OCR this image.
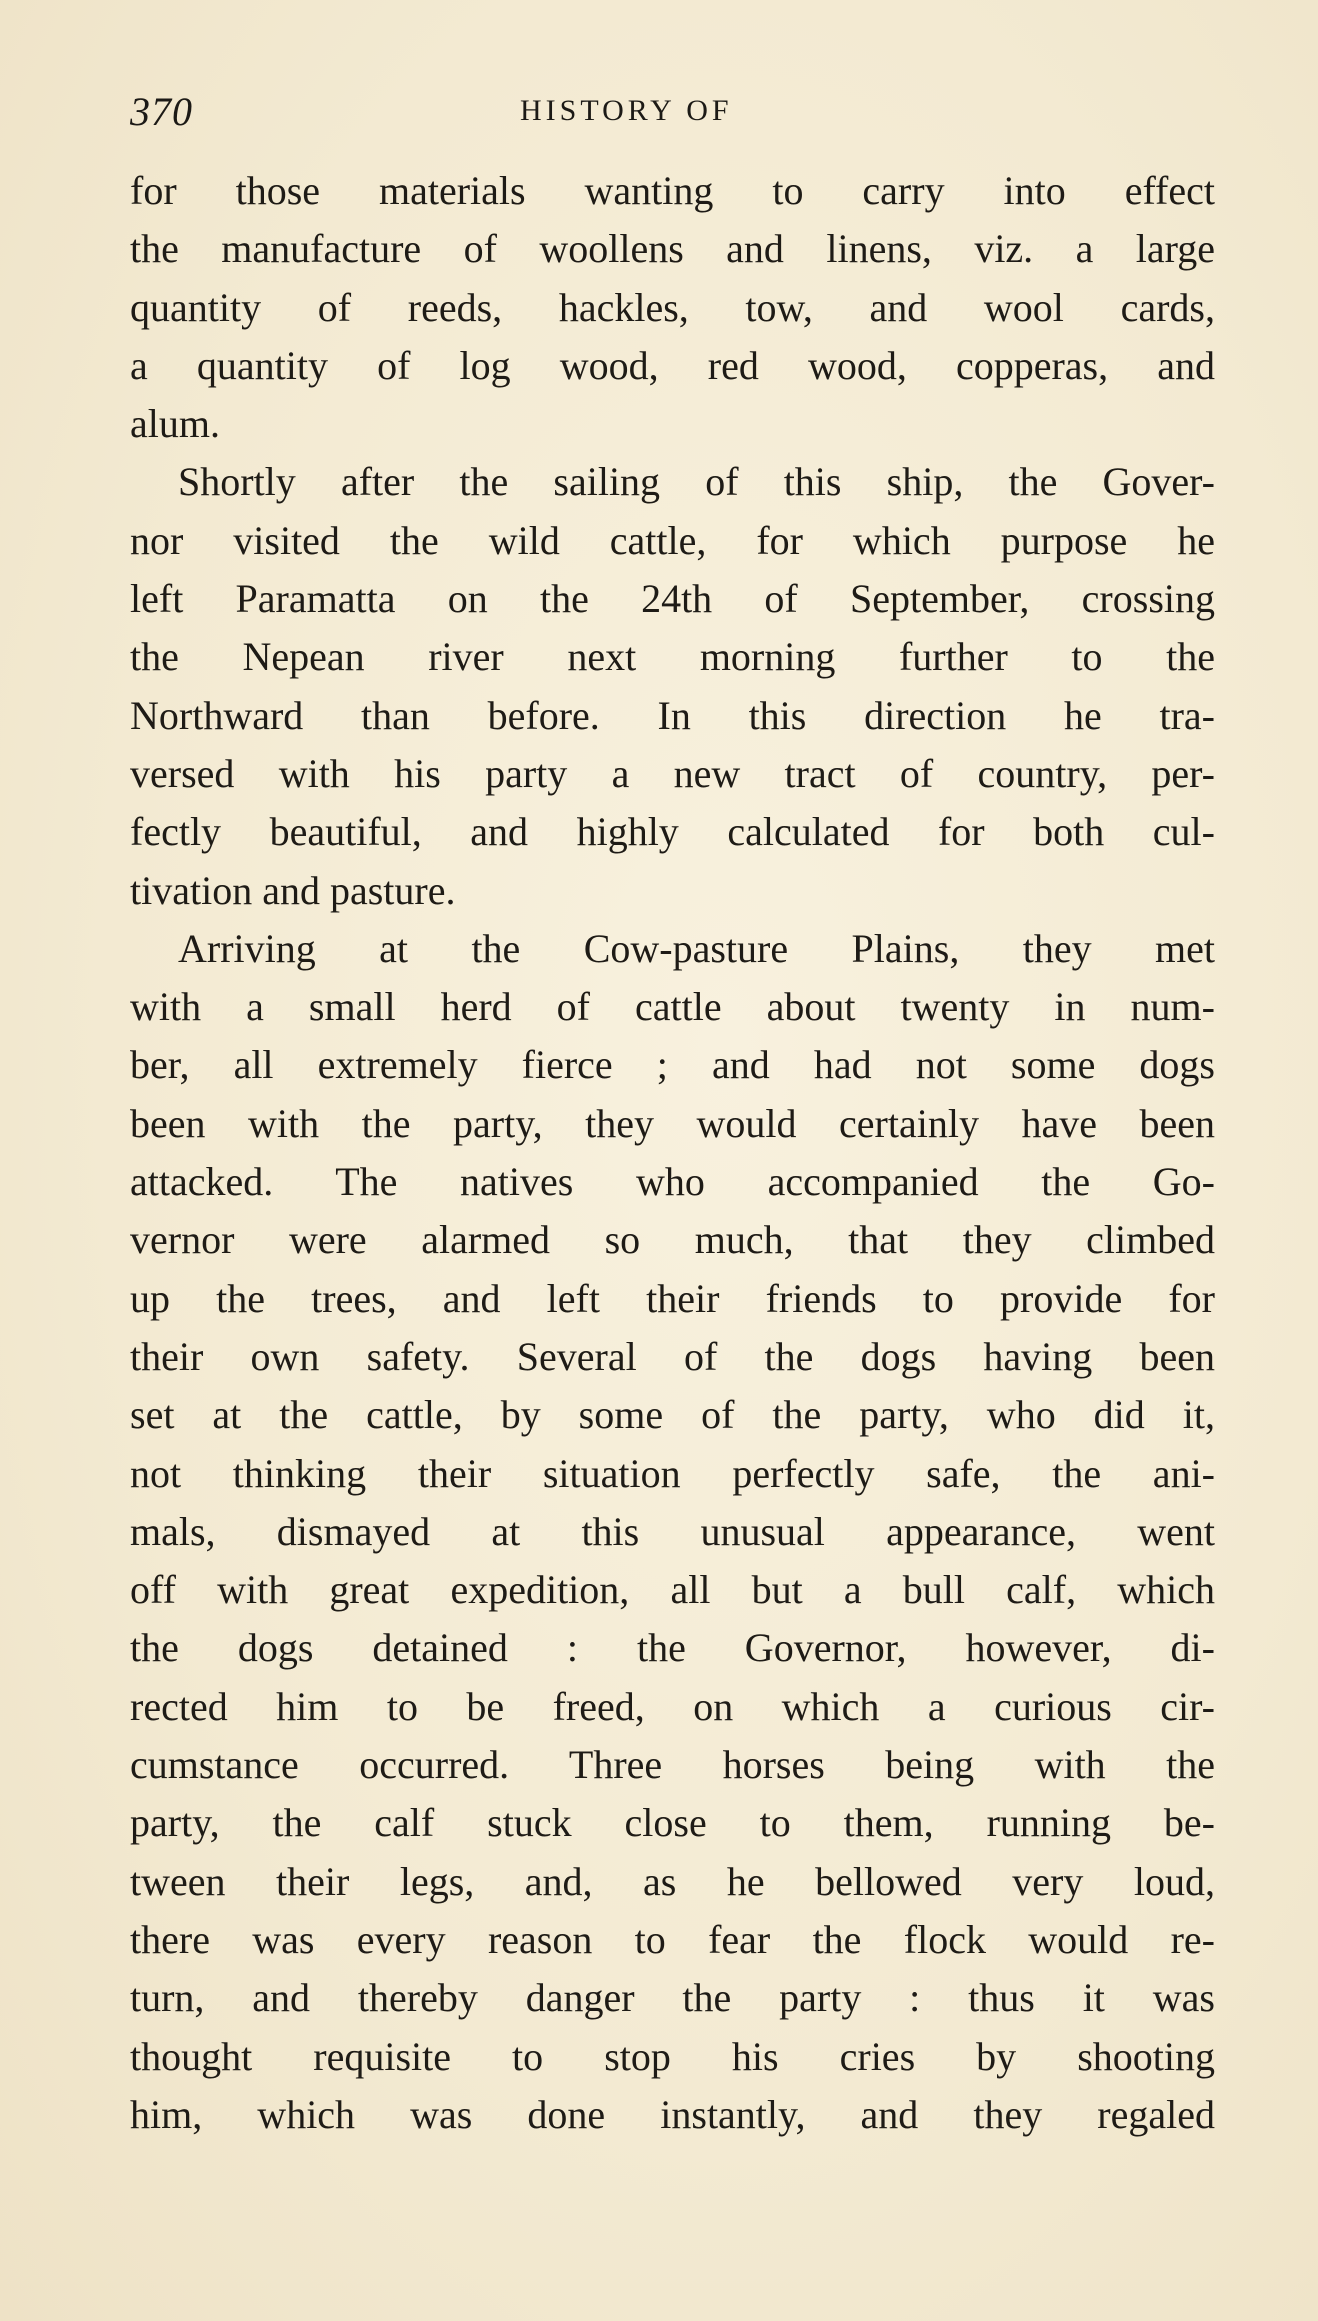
370	HISTORY OF
for those materials wanting to carry into effect
the manufacture of woollens and linens, viz. a large
quantity of reeds, hackles, tow, and wool cards,
a quantity of log wood, red wood, copperas, and
alum.
Shortly after the sailing of this ship, the Gover-
nor visited the wild cattle, for which purpose he
left Paramatta on the 24th of September, crossing
the Nepean river next morning further to the
Northward than before. In this direction he tra-
versed with his party a new tract of country, per-
fectly beautiful, and highly calculated for both cul-
tivation and pasture.
Arriving at the Cow-pasture Plains, they met
with a small herd of cattle about twenty in num-
ber, all extremely fierce ; and had not some dogs
been with the party, they would certainly have been
attacked. The natives who accompanied the Go-
vernor were alarmed so much, that they climbed
up the trees, and left their friends to provide for
their own safety. Several of the dogs having been
set at the cattle, by some of the party, who did it,
not thinking their situation perfectly safe, the ani-
mals, dismayed at this unusual appearance, went
off with great expedition, all but a bull calf, which
the dogs detained : the Governor, however, di-
rected him to be freed, on which a curious cir-
cumstance occurred. Three horses being with the
party, the calf stuck close to them, running be-
tween their legs, and, as he bellowed very loud,
there was every reason to fear the flock would re-
turn, and thereby danger the party : thus it was
thought requisite to stop his cries by shooting
him, which was done instantly, and they regaled
